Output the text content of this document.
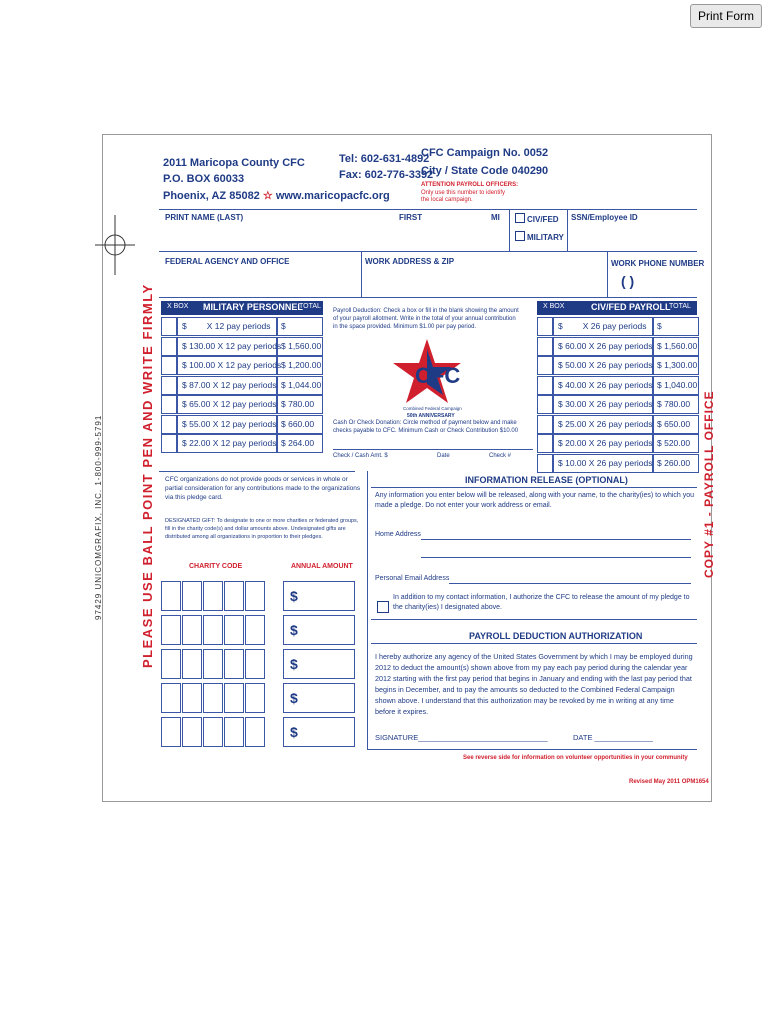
Print Form
2011 Maricopa County CFC
P.O. BOX 60033
Phoenix, AZ 85082 ☆ www.maricopacfc.org
Tel: 602-631-4892
Fax: 602-776-3392
CFC Campaign No. 0052
City / State Code 040290
ATTENTION PAYROLL OFFICERS:
Only use this number to identify
the local campaign.
PRINT NAME (LAST)	FIRST	MI	CIV/FED
MILITARY
SSN/Employee ID
FEDERAL AGENCY AND OFFICE	WORK ADDRESS & ZIP	WORK PHONE NUMBER
( )
X BOX MILITARY PERSONNEL
TOTAL
$ X 12 pay periods	$
$ 130.00 X 12 pay periods $ 1,560.00
$ 100.00 X 12 pay periods $ 1,200.00
$ 87.00 X 12 pay periods $ 1,044.00
$ 65.00 X 12 pay periods $ 780.00
$ 55.00 X 12 pay periods $ 660.00
$ 22.00 X 12 pay periods $ 264.00
Payroll Deduction: Check a box or fill in the blank showing the amount of your payroll allotment. Write in the total of your annual contribution in the space provided. Minimum $1.00 per pay period.
CFC
Combined Federal Campaign
50th ANNIVERSARY
Cash Or Check Donation: Circle method of payment below and make checks payable to CFC. Minimum Cash or Check Contribution $10.00
Check / Cash Amt. $	Date	Check #
X BOX	CIV/FED PAYROLL
TOTAL
$ X 26 pay periods	$
$ 60.00 X 26 pay periods $ 1,560.00
$ 50.00 X 26 pay periods $ 1,300.00
$ 40.00 X 26 pay periods $ 1,040.00
$ 30.00 X 26 pay periods $ 780.00
$ 25.00 X 26 pay periods $ 650.00
$ 20.00 X 26 pay periods $ 520.00
$ 10.00 X 26 pay periods $ 260.00
CFC organizations do not provide goods or services in whole or partial consideration for any contributions made to the organizations via this pledge card.
DESIGNATED GIFT: To designate to one or more charities or federated groups, fill in the charity code(s) and dollar amounts above. Undesignated gifts are distributed among all organizations in proportion to their pledges.
CHARITY CODE	ANNUAL AMOUNT
$
$
$
$
$
INFORMATION RELEASE (OPTIONAL)
Any information you enter below will be released, along with your name, to the charity(ies) to which you made a pledge. Do not enter your work address or email.
Home Address
Personal Email Address
In addition to my contact information, I authorize the CFC to release the amount of my pledge to the charity(ies) I designated above.
PAYROLL DEDUCTION AUTHORIZATION
I hereby authorize any agency of the United States Government by which I may be employed during 2012 to deduct the amount(s) shown above from my pay each pay period during the calendar year 2012 starting with the first pay period that begins in January and ending with the last pay period that begins in December, and to pay the amounts so deducted to the Combined Federal Campaign shown above. I understand that this authorization may be revoked by me in writing at any time before it expires.
SIGNATURE_______________________________	DATE ______________
See reverse side for information on volunteer opportunities in your community
Revised May 2011 OPM1654
PLEASE USE BALL POINT PEN AND WRITE FIRMLY
97429 UNICOMGRAFIX, INC. 1-800-999-5791	COPY #1 - PAYROLL OFFICE
